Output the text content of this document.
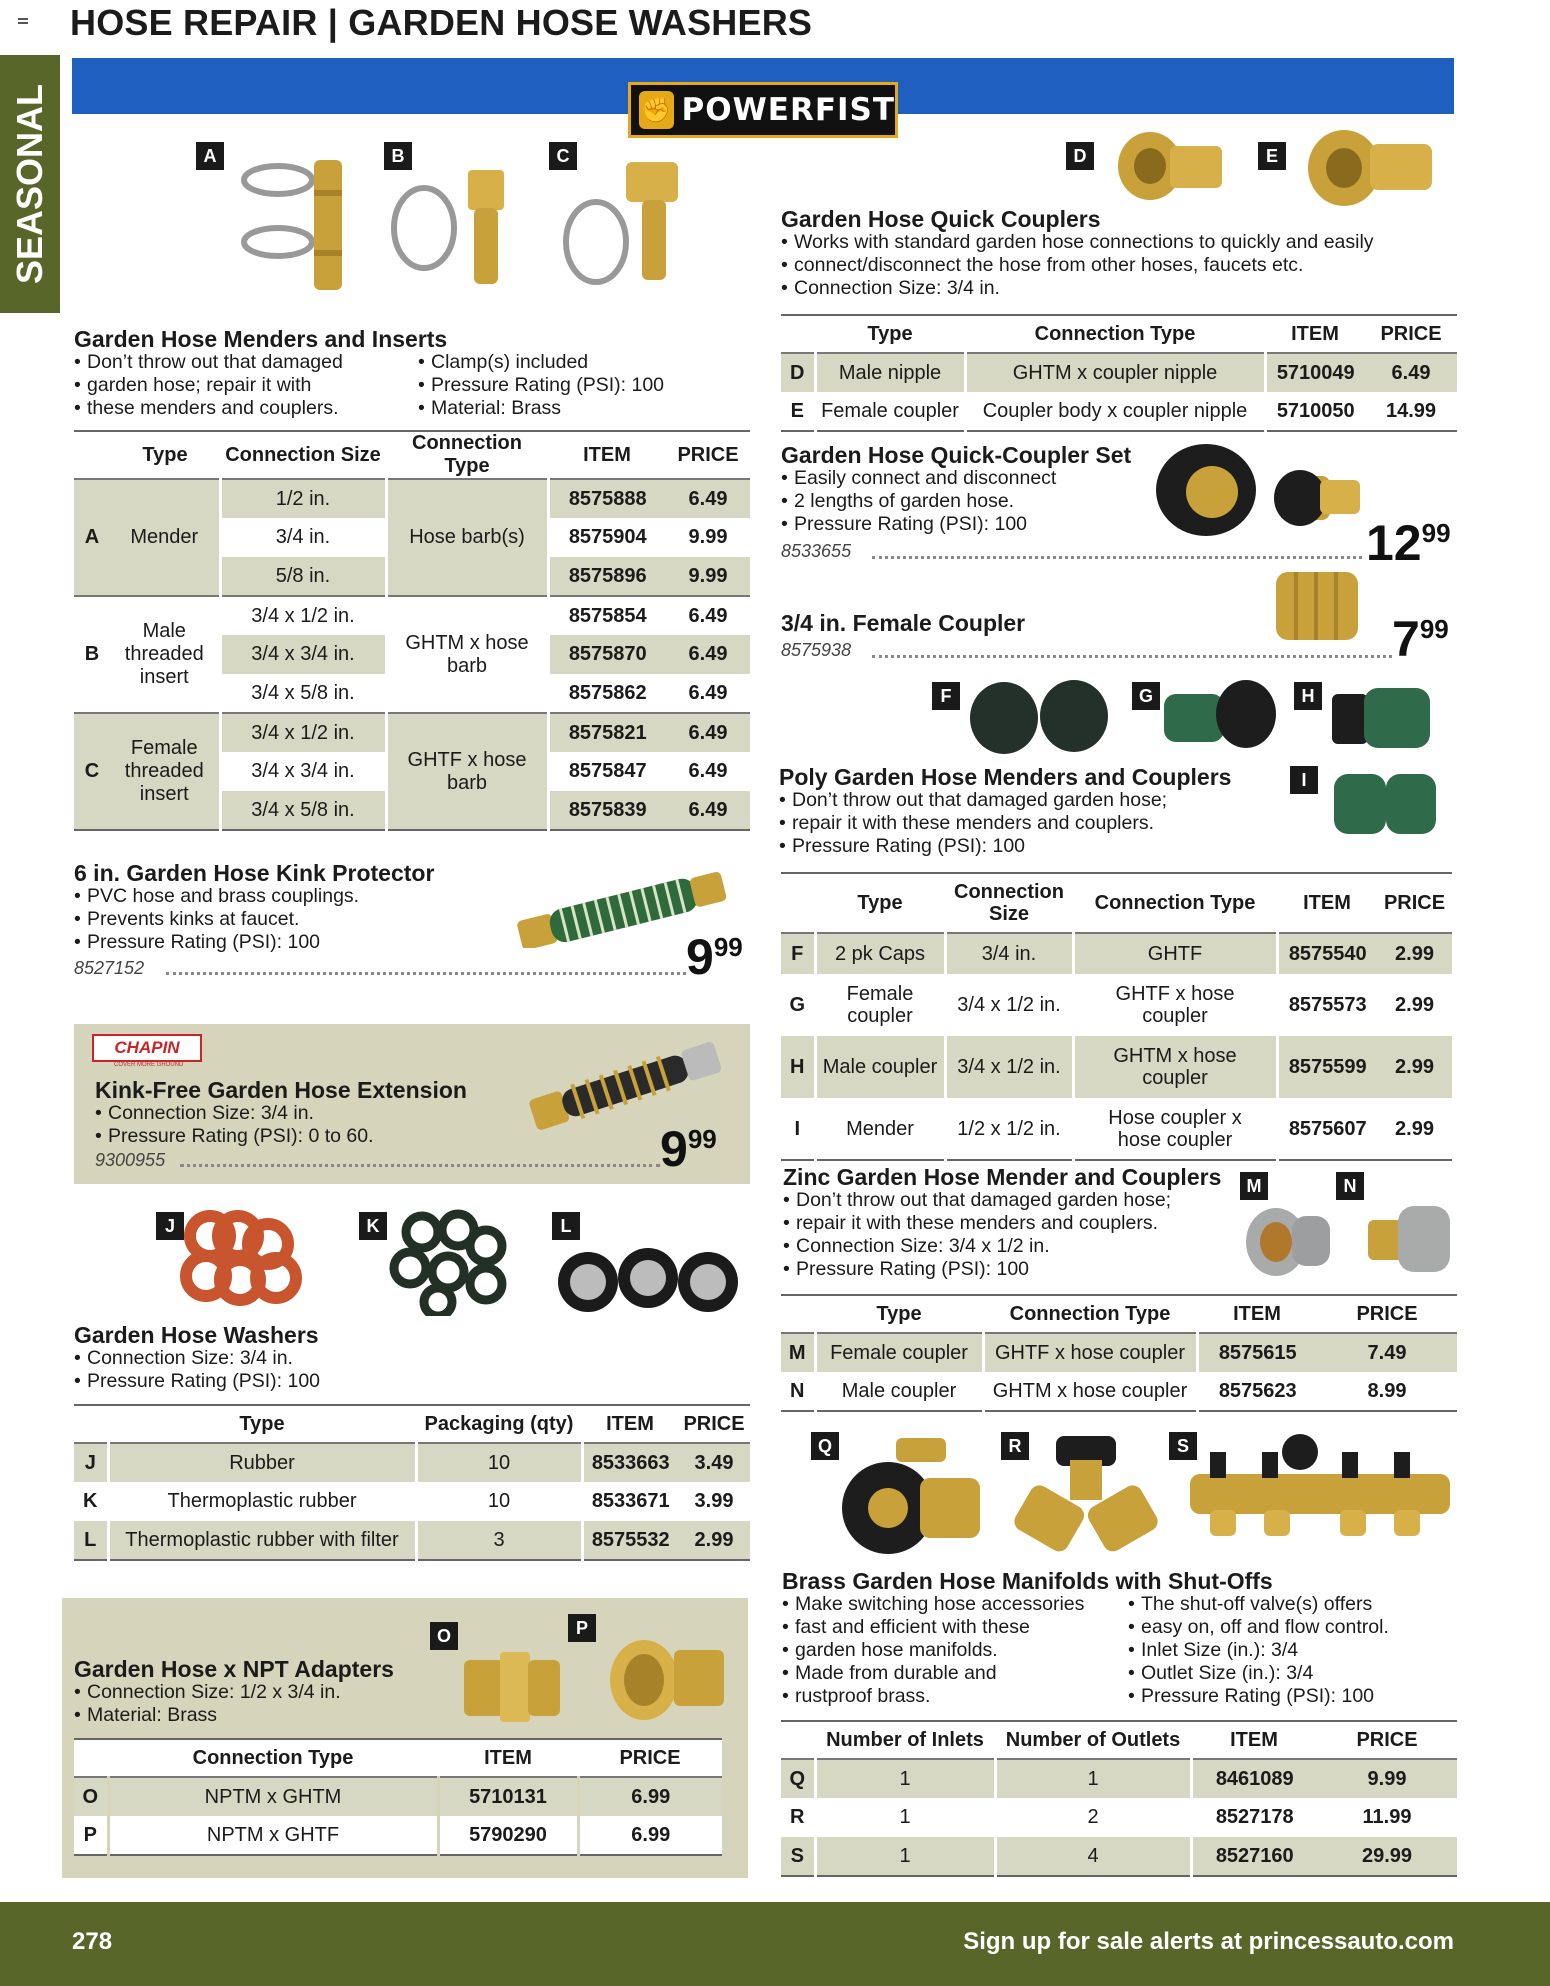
HOSE REPAIR | GARDEN HOSE WASHERS
SEASONAL	✊ POWERFIST
A	B	C
Garden Hose Menders and Inserts
• Don’t throw out that damaged
• garden hose; repair it with
• these menders and couplers.
• Clamp(s) included
• Pressure Rating (PSI): 100
• Material: Brass
	Type	Connection Size	Connection Type	ITEM	PRICE
A	Mender	1/2 in.	Hose barb(s)	8575888	6.49
		3/4 in.		8575904	9.99
		5/8 in.		8575896	9.99
B	Male threaded insert	3/4 x 1/2 in.	GHTM x hose barb	8575854	6.49
		3/4 x 3/4 in.		8575870	6.49
		3/4 x 5/8 in.		8575862	6.49
C	Female threaded insert	3/4 x 1/2 in.	GHTF x hose barb	8575821	6.49
		3/4 x 3/4 in.		8575847	6.49
		3/4 x 5/8 in.		8575839	6.49
6 in. Garden Hose Kink Protector
• PVC hose and brass couplings.
• Prevents kinks at faucet.
• Pressure Rating (PSI): 100
8527152	999
CHAPIN
COVER MORE GROUND
Kink-Free Garden Hose Extension
• Connection Size: 3/4 in.
• Pressure Rating (PSI): 0 to 60.
9300955	999
J	K	L
Garden Hose Washers
• Connection Size: 3/4 in.
• Pressure Rating (PSI): 100
	Type	Packaging (qty)	ITEM	PRICE
J	Rubber	10	8533663	3.49
K	Thermoplastic rubber	10	8533671	3.99
L	Thermoplastic rubber with filter	3	8575532	2.99
O	P
Garden Hose x NPT Adapters
• Connection Size: 1/2 x 3/4 in.
• Material: Brass
	Connection Type	ITEM	PRICE
O	NPTM x GHTM	5710131	6.99
P	NPTM x GHTF	5790290	6.99
D	E
Garden Hose Quick Couplers
• Works with standard garden hose connections to quickly and easily
• connect/disconnect the hose from other hoses, faucets etc.
• Connection Size: 3/4 in.
	Type	Connection Type	ITEM	PRICE
D	Male nipple	GHTM x coupler nipple	5710049	6.49
E	Female coupler	Coupler body x coupler nipple	5710050	14.99
Garden Hose Quick-Coupler Set
• Easily connect and disconnect
• 2 lengths of garden hose.
• Pressure Rating (PSI): 100
8533655	1299
3/4 in. Female Coupler
8575938	799
F	G	H
I
Poly Garden Hose Menders and Couplers
• Don’t throw out that damaged garden hose;
• repair it with these menders and couplers.
• Pressure Rating (PSI): 100
	Type	Connection Size	Connection Type	ITEM	PRICE
F	2 pk Caps	3/4 in.	GHTF	8575540	2.99
G	Female coupler	3/4 x 1/2 in.	GHTF x hose coupler	8575573	2.99
H	Male coupler	3/4 x 1/2 in.	GHTM x hose coupler	8575599	2.99
I	Mender	1/2 x 1/2 in.	Hose coupler x hose coupler	8575607	2.99
M	N
Zinc Garden Hose Mender and Couplers
• Don’t throw out that damaged garden hose;
• repair it with these menders and couplers.
• Connection Size: 3/4 x 1/2 in.
• Pressure Rating (PSI): 100
	Type	Connection Type	ITEM	PRICE
M	Female coupler	GHTF x hose coupler	8575615	7.49
N	Male coupler	GHTM x hose coupler	8575623	8.99
Q	R	S
Brass Garden Hose Manifolds with Shut-Offs
• Make switching hose accessories
• fast and efficient with these
• garden hose manifolds.
• Made from durable and
• rustproof brass.
• The shut-off valve(s) offers
• easy on, off and flow control.
• Inlet Size (in.): 3/4
• Outlet Size (in.): 3/4
• Pressure Rating (PSI): 100
	Number of Inlets	Number of Outlets	ITEM	PRICE
Q	1	1	8461089	9.99
R	1	2	8527178	11.99
S	1	4	8527160	29.99
278	Sign up for sale alerts at princessauto.com
